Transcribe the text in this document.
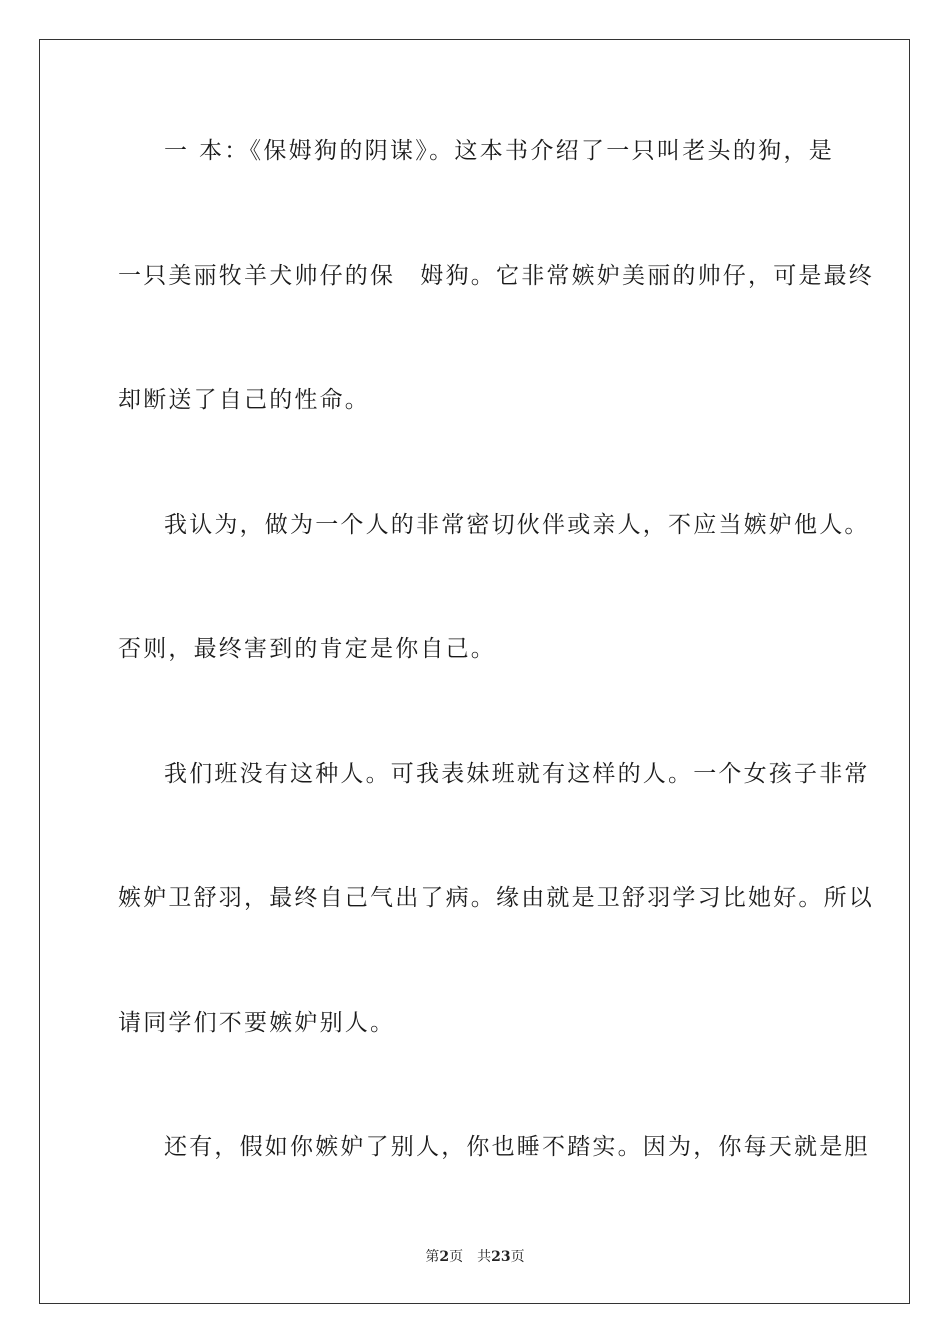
一 本：《保姆狗的阴谋》。这本书介绍了一只叫老头的狗，是
一只美丽牧羊犬帅仔的保　姆狗。它非常嫉妒美丽的帅仔，可是最终
却断送了自己的性命。
我认为，做为一个人的非常密切伙伴或亲人，不应当嫉妒他人。
否则，最终害到的肯定是你自己。
我们班没有这种人。可我表妹班就有这样的人。一个女孩子非常
嫉妒卫舒羽，最终自己气出了病。缘由就是卫舒羽学习比她好。所以
请同学们不要嫉妒别人。
还有，假如你嫉妒了别人，你也睡不踏实。因为，你每天就是胆
第2页 共23页
